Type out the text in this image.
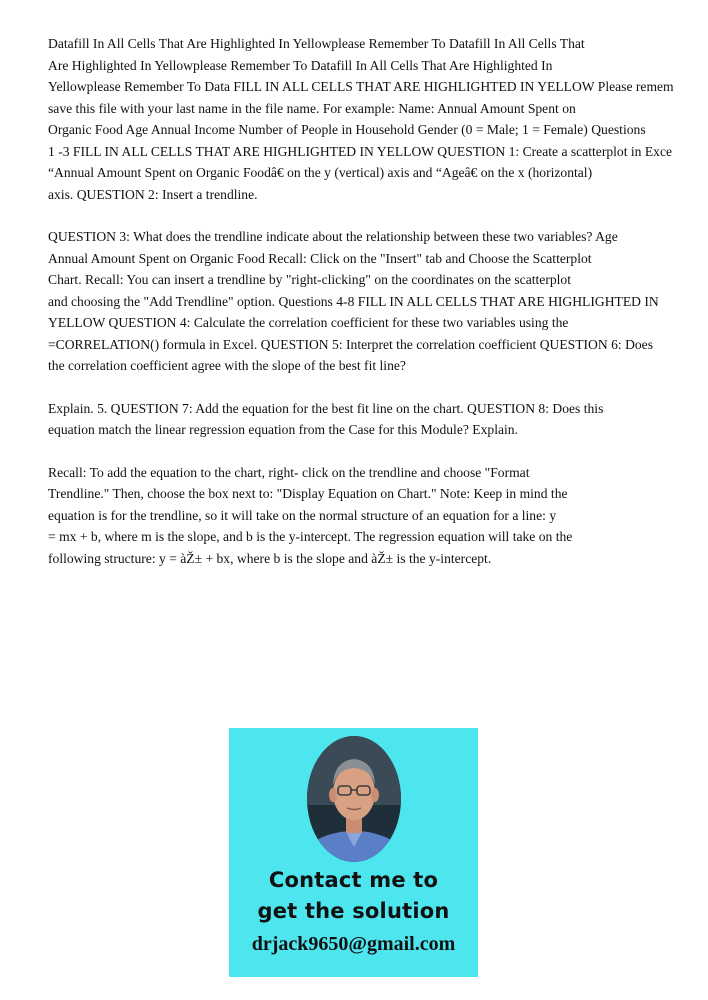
Datafill In All Cells That Are Highlighted In Yellowplease Remember To Datafill In All Cells That
Are Highlighted In Yellowplease Remember To Datafill In All Cells That Are Highlighted In
Yellowplease Remember To Data FILL IN ALL CELLS THAT ARE HIGHLIGHTED IN YELLOW Please remem
save this file with your last name in the file name. For example: Name: Annual Amount Spent on
Organic Food Age Annual Income Number of People in Household Gender (0 = Male; 1 = Female) Questions
1 -3 FILL IN ALL CELLS THAT ARE HIGHLIGHTED IN YELLOW QUESTION 1: Create a scatterplot in Exce
“Annual Amount Spent on Organic Foodâ€ on the y (vertical) axis and “Ageâ€ on the x (horizontal)
axis. QUESTION 2: Insert a trendline.
QUESTION 3: What does the trendline indicate about the relationship between these two variables? Age
Annual Amount Spent on Organic Food Recall: Click on the "Insert" tab and Choose the Scatterplot
Chart. Recall: You can insert a trendline by "right-clicking" on the coordinates on the scatterplot
and choosing the "Add Trendline" option. Questions 4-8 FILL IN ALL CELLS THAT ARE HIGHLIGHTED IN
YELLOW QUESTION 4: Calculate the correlation coefficient for these two variables using the
=CORRELATION() formula in Excel. QUESTION 5: Interpret the correlation coefficient QUESTION 6: Does
the correlation coefficient agree with the slope of the best fit line?
Explain. 5. QUESTION 7: Add the equation for the best fit line on the chart. QUESTION 8: Does this
equation match the linear regression equation from the Case for this Module? Explain.
Recall: To add the equation to the chart, right- click on the trendline and choose "Format
Trendline." Then, choose the box next to: "Display Equation on Chart." Note: Keep in mind the
equation is for the trendline, so it will take on the normal structure of an equation for a line: y
= mx + b, where m is the slope, and b is the y-intercept. The regression equation will take on the
following structure: y = àŽ± + bx, where b is the slope and àŽ± is the y-intercept.
Contact me to
get the solution
drjack9650@gmail.com
